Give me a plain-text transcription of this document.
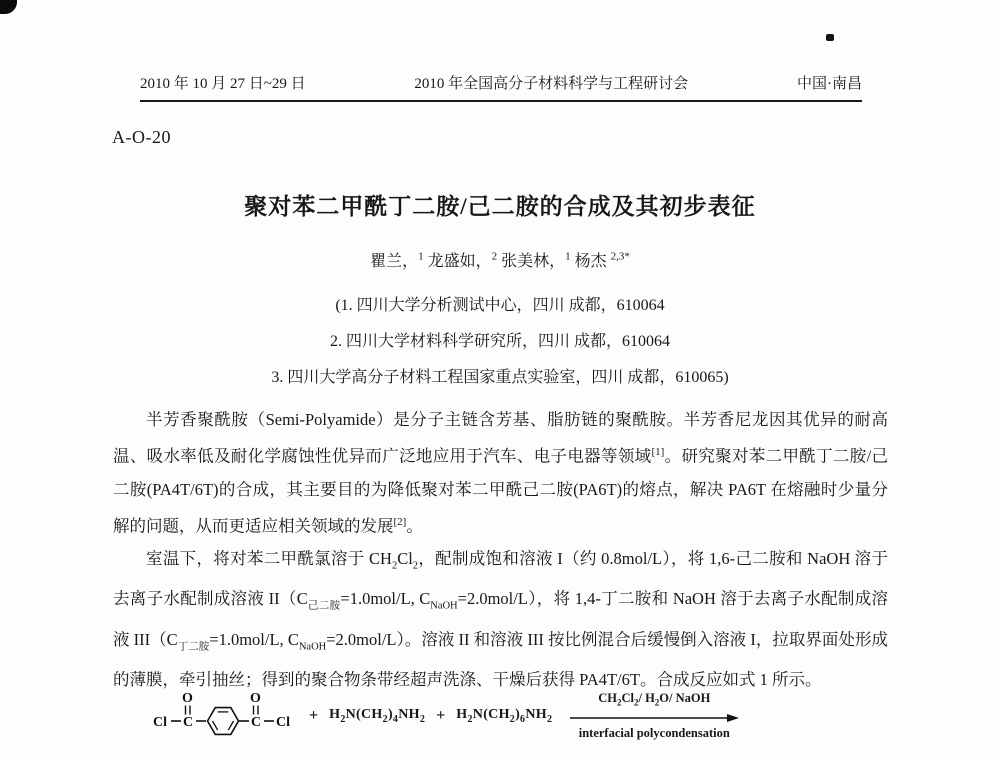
2010 年 10 月 27 日~29 日	2010 年全国高分子材料科学与工程研讨会	中国·南昌
A-O-20
聚对苯二甲酰丁二胺/己二胺的合成及其初步表征
瞿兰，$^1$ 龙盛如，$^2$ 张美林，$^1$ 杨杰 $^{2,3*}$
(1. 四川大学分析测试中心，四川 成都，610064
2. 四川大学材料科学研究所，四川 成都，610064
3. 四川大学高分子材料工程国家重点实验室，四川 成都，610065)

半芳香聚酰胺（Semi-Polyamide）是分子主链含芳基、脂肪链的聚酰胺。半芳香尼龙因其优异的耐高温、吸水率低及耐化学腐蚀性优异而广泛地应用于汽车、电子电器等领域[1]。研究聚对苯二甲酰丁二胺/己二胺(PA4T/6T)的合成，其主要目的为降低聚对苯二甲酰己二胺(PA6T)的熔点，解决 PA6T 在熔融时少量分解的问题，从而更适应相关领域的发展[2]。

室温下，将对苯二甲酰氯溶于 $CH_2Cl_2$，配制成饱和溶液 I（约 0.8mol/L），将 1,6-己二胺和 NaOH 溶于去离子水配制成溶液 $II(C_{己二胺}=1.0mol/L$, $C_{NaOH}=2.0mol/L$），将 1,4-丁二胺和 NaOH 溶于去离子水配制成溶液 $III(C_{丁二胺}=1.0mol/L$, $C_{NaOH}=2.0mol/L$）。溶液 II 和溶液 III 按比例混合后缓慢倒入溶液 I，拉取界面处形成的薄膜，牵引抽丝；得到的聚合物条带经超声洗涤、干燥后获得 PA4T/6T。合成反应如式 1 所示。

Cl C
O
C
O
$Cl + H_2N(CH_2)_4NH_2 + H_2N(CH_2)_6NH_2$
$CH_2Cl_2/$ $H_2O/$ NaOH
interfacial polycondensation
